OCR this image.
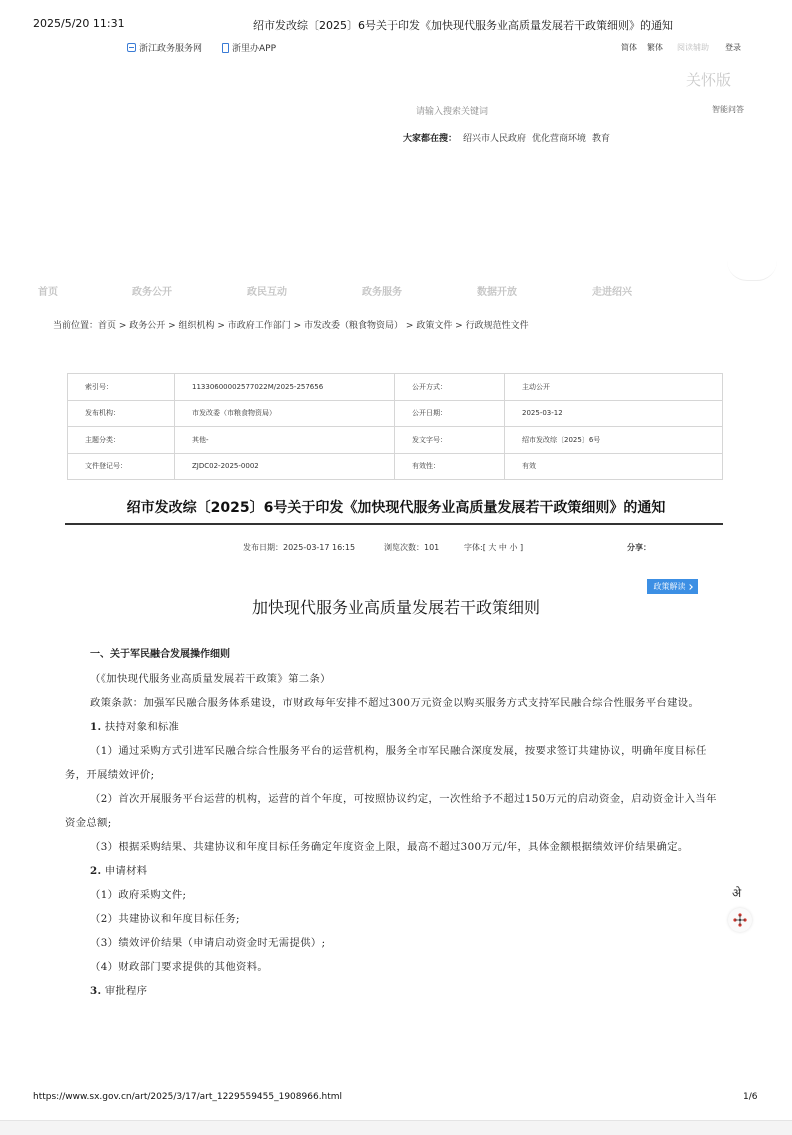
2025/5/20 11:31	绍市发改综〔2025〕6号关于印发《加快现代服务业高质量发展若干政策细则》的通知
浙江政务服务网	浙里办APP	简体 繁体 阅读辅助 登录
关怀版
请输入搜索关键词	智能问答
大家都在搜： 绍兴市人民政府 优化营商环境 教育
首页	政务公开	政民互动	政务服务	数据开放	走进绍兴
当前位置：首页 > 政务公开 > 组织机构 > 市政府工作部门 > 市发改委（粮食物资局） > 政策文件 > 行政规范性文件
索引号：	11330600002577022M/2025-257656	公开方式：	主动公开
发布机构：	市发改委（市粮食物资局）	公开日期：	2025-03-12
主题分类：	其他-	发文字号：	绍市发改综〔2025〕6号
文件登记号：	ZJDC02-2025-0002	有效性：	有效
绍市发改综〔2025〕6号关于印发《加快现代服务业高质量发展若干政策细则》的通知
发布日期：2025-03-17 16:15	浏览次数：101	字体:[ 大 中 小 ]	分享：
政策解读
加快现代服务业高质量发展若干政策细则

一、关于军民融合发展操作细则

（《加快现代服务业高质量发展若干政策》第二条）

政策条款：加强军民融合服务体系建设，市财政每年安排不超过300万元资金以购买服务方式支持军民融合综合性服务平台建设。

1. 扶持对象和标准

（1）通过采购方式引进军民融合综合性服务平台的运营机构，服务全市军民融合深度发展，按要求签订共建协议，明确年度目标任务，开展绩效评价;

（2）首次开展服务平台运营的机构，运营的首个年度，可按照协议约定，一次性给予不超过150万元的启动资金，启动资金计入当年资金总额;

（3）根据采购结果、共建协议和年度目标任务确定年度资金上限，最高不超过300万元/年，具体金额根据绩效评价结果确定。

2. 申请材料

（1）政府采购文件;

（2）共建协议和年度目标任务;

（3）绩效评价结果（申请启动资金时无需提供）;

（4）财政部门要求提供的其他资料。

3. 审批程序

अे
https://www.sx.gov.cn/art/2025/3/17/art_1229559455_1908966.html	1/6
